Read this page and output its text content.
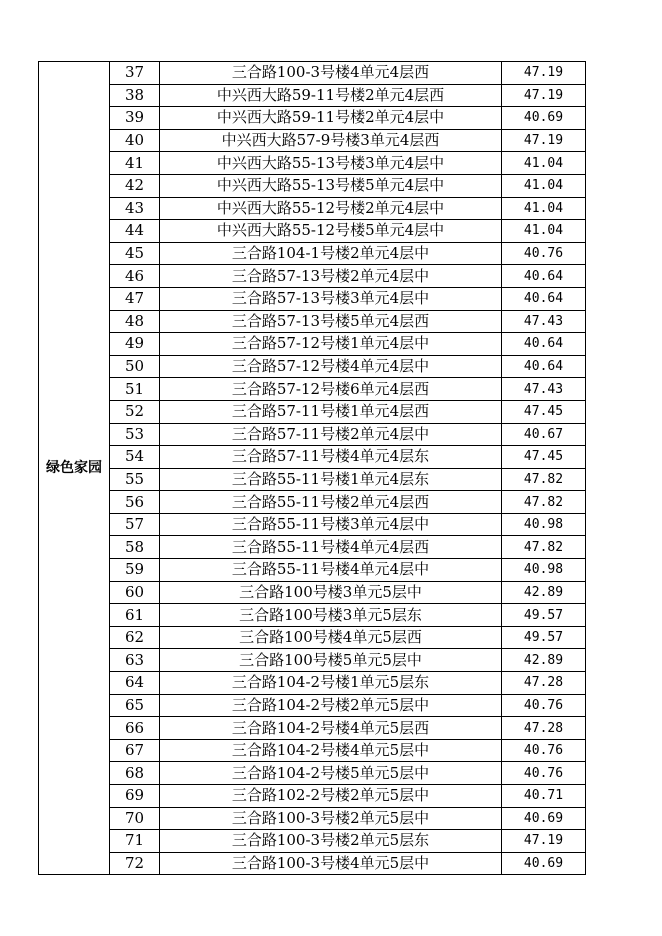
绿色家园	37	三合路100-3号楼4单元4层西	47.19
	38	中兴西大路59-11号楼2单元4层西	47.19
	39	中兴西大路59-11号楼2单元4层中	40.69
	40	中兴西大路57-9号楼3单元4层西	47.19
	41	中兴西大路55-13号楼3单元4层中	41.04
	42	中兴西大路55-13号楼5单元4层中	41.04
	43	中兴西大路55-12号楼2单元4层中	41.04
	44	中兴西大路55-12号楼5单元4层中	41.04
	45	三合路104-1号楼2单元4层中	40.76
	46	三合路57-13号楼2单元4层中	40.64
	47	三合路57-13号楼3单元4层中	40.64
	48	三合路57-13号楼5单元4层西	47.43
	49	三合路57-12号楼1单元4层中	40.64
	50	三合路57-12号楼4单元4层中	40.64
	51	三合路57-12号楼6单元4层西	47.43
	52	三合路57-11号楼1单元4层西	47.45
	53	三合路57-11号楼2单元4层中	40.67
	54	三合路57-11号楼4单元4层东	47.45
	55	三合路55-11号楼1单元4层东	47.82
	56	三合路55-11号楼2单元4层西	47.82
	57	三合路55-11号楼3单元4层中	40.98
	58	三合路55-11号楼4单元4层西	47.82
	59	三合路55-11号楼4单元4层中	40.98
	60	三合路100号楼3单元5层中	42.89
	61	三合路100号楼3单元5层东	49.57
	62	三合路100号楼4单元5层西	49.57
	63	三合路100号楼5单元5层中	42.89
	64	三合路104-2号楼1单元5层东	47.28
	65	三合路104-2号楼2单元5层中	40.76
	66	三合路104-2号楼4单元5层西	47.28
	67	三合路104-2号楼4单元5层中	40.76
	68	三合路104-2号楼5单元5层中	40.76
	69	三合路102-2号楼2单元5层中	40.71
	70	三合路100-3号楼2单元5层中	40.69
	71	三合路100-3号楼2单元5层东	47.19
	72	三合路100-3号楼4单元5层中	40.69
